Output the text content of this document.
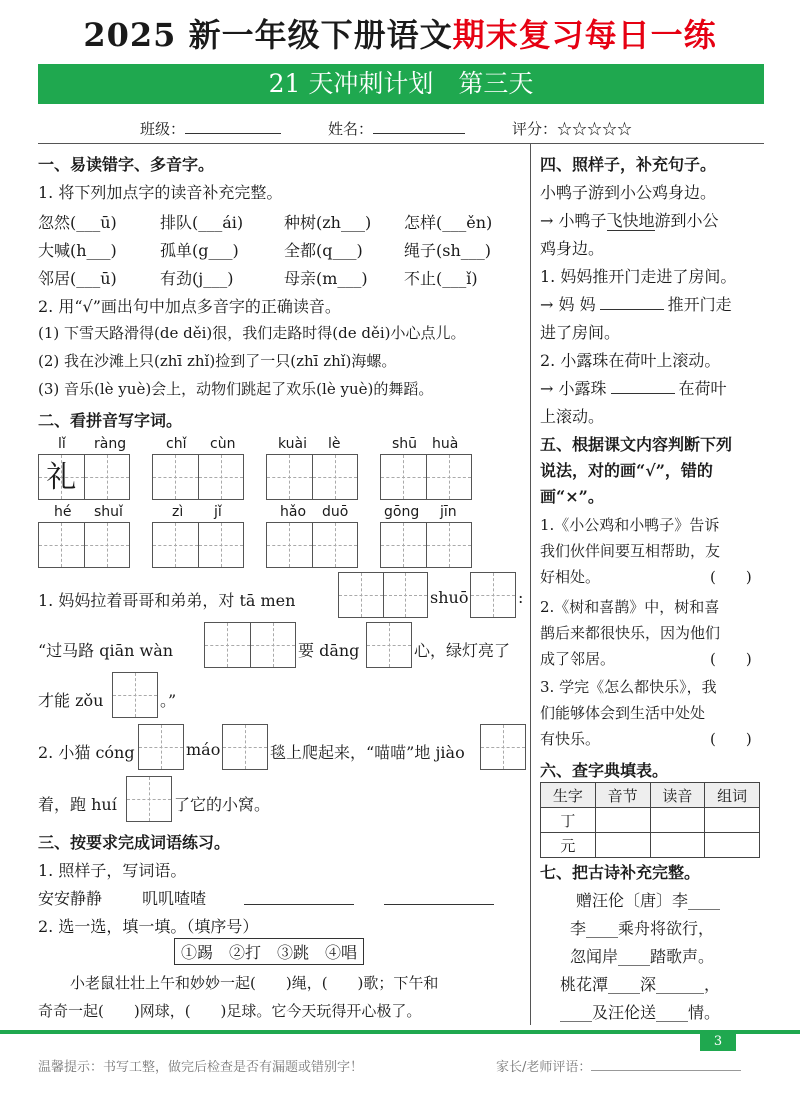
2025 新一年级下册语文期末复习每日一练
21 天冲刺计划　第三天
班级：	姓名：	评分：☆☆☆☆☆
一、易读错字、多音字。
1. 将下列加点字的读音补充完整。
忽然(___ū)	排队(___ái)	种树(zh___) 怎样(___ěn)
大喊(h___)	孤单(g___)	全都(q___)	绳子(sh___)
邻居(___ū)	有劲(j___)	母亲(m___) 不止(___ǐ)
2. 用“√”画出句中加点多音字的正确读音。
(1) 下雪天路滑得(de děi)很，我们走路时得(de děi)小心点儿。
(2) 我在沙滩上只(zhī zhǐ)捡到了一只(zhī zhǐ)海螺。
(3) 音乐(lè yuè)会上，动物们跳起了欢乐(lè yuè)的舞蹈。
二、看拼音写字词。
lǐ ràng	chǐ cùn	kuài lè	shū huà
礼
hé shuǐ	zì jǐ	hǎo duō	gōng jīn
1. 妈妈拉着哥哥和弟弟，对 tā men	shuō	:
“过马路 qiān wàn	要 dāng	心，绿灯亮了
才能 zǒu	。”
2. 小猫 cóng	máo	毯上爬起来，“喵喵”地 jiào
着，跑 huí	了它的小窝。
三、按要求完成词语练习。
1. 照样子，写词语。
安安静静 叽叽喳喳
2. 选一选，填一填。（填序号）
①踢　②打　③跳　④唱
小老鼠壮壮上午和妙妙一起(　　)绳，(　　)歌；下午和
奇奇一起(　　)网球，(　　)足球。它今天玩得开心极了。
四、照样子，补充句子。
小鸭子游到小公鸡身边。
→ 小鸭子飞快地游到小公
鸡身边。
1. 妈妈推开门走进了房间。
→ 妈 妈	推开门走
进了房间。
2. 小露珠在荷叶上滚动。
→ 小露珠	在荷叶
上滚动。
五、根据课文内容判断下列
说法，对的画“√”，错的
画“×”。
1.《小公鸡和小鸭子》告诉
我们伙伴间要互相帮助，友
好相处。	(　　)
2.《树和喜鹊》中，树和喜
鹊后来都很快乐，因为他们
成了邻居。	(　　)
3. 学完《怎么都快乐》，我
们能够体会到生活中处处
有快乐。	(　　)
六、查字典填表。
生字	音节	读音	组词
丁			
元			
七、把古诗补充完整。
赠汪伦〔唐〕李____
李____乘舟将欲行，
忽闻岸____踏歌声。
桃花潭____深______，
____及汪伦送____情。
3
温馨提示：书写工整，做完后检查是否有漏题或错别字！	家长/老师评语：
